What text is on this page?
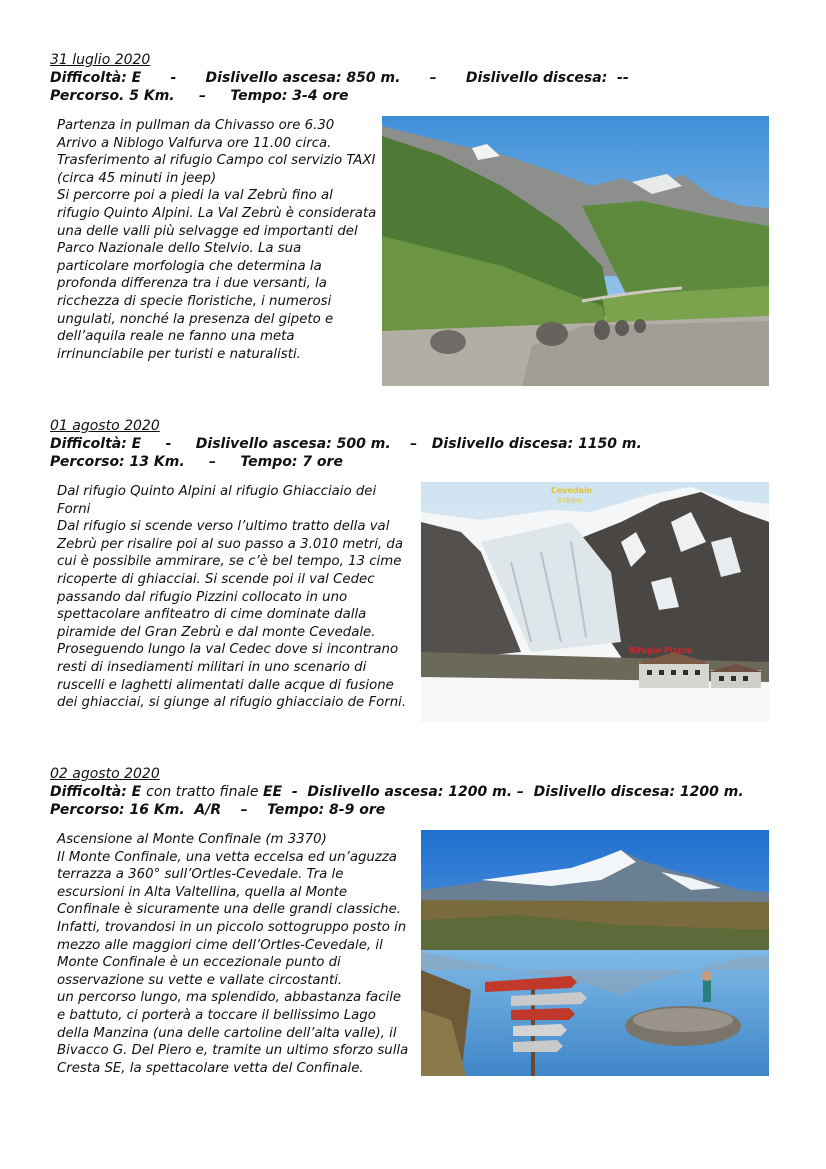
31 luglio 2020

Difficoltà: E      -      Dislivello ascesa: 850 m.      –      Dislivello discesa:  --

Percorso. 5 Km.     –     Tempo: 3-4 ore

Partenza in pullman da Chivasso ore 6.30

Arrivo a Niblogo Valfurva ore 11.00 circa.

Trasferimento al rifugio Campo col servizio TAXI (circa 45 minuti in jeep)

Si percorre poi a piedi la val Zebrù fino al rifugio Quinto Alpini. La Val Zebrù è considerata una delle valli più selvagge ed importanti del Parco Nazionale dello Stelvio. La sua particolare morfologia che determina la profonda differenza tra i due versanti, la ricchezza di specie floristiche, i numerosi ungulati, nonché la presenza del gipeto e dell’aquila reale ne fanno una meta irrinunciabile per turisti e naturalisti.

01 agosto 2020

Difficoltà: E     -     Dislivello ascesa: 500 m.    –   Dislivello discesa: 1150 m.

Percorso: 13 Km.     –     Tempo: 7 ore

Dal rifugio Quinto Alpini al rifugio Ghiacciaio dei Forni

Dal rifugio si scende verso l’ultimo tratto della val Zebrù per risalire poi al suo passo a 3.010 metri, da cui è possibile ammirare, se c’è bel tempo, 13 cime ricoperte di ghiacciai. Si scende poi il val Cedec passando dal rifugio Pizzini collocato in uno spettacolare anfiteatro di cime dominate dalla piramide del Gran Zebrù e dal monte Cevedale.

Proseguendo lungo la val Cedec dove si incontrano resti di insediamenti militari in uno scenario di ruscelli e laghetti alimentati dalle acque di fusione dei ghiacciai, si giunge al rifugio ghiacciaio de Forni.

Cevedale
3769m
Rifugio Pizzini

02 agosto 2020

Difficoltà: E con tratto finale EE  -  Dislivello ascesa: 1200 m. –  Dislivello discesa: 1200 m.

Percorso: 16 Km.  A/R    –    Tempo: 8-9 ore

Ascensione al Monte Confinale (m 3370)

Il Monte Confinale, una vetta eccelsa ed un’aguzza terrazza a 360° sull’Ortles-Cevedale. Tra le escursioni in Alta Valtellina, quella al Monte Confinale è sicuramente una delle grandi classiche. Infatti, trovandosi in un piccolo sottogruppo posto in mezzo alle maggiori cime dell’Ortles-Cevedale, il Monte Confinale è un eccezionale punto di osservazione su vette e vallate circostanti.

un percorso lungo, ma splendido, abbastanza facile e battuto, ci porterà a toccare il bellissimo Lago della Manzina (una delle cartoline dell’alta valle), il Bivacco G. Del Piero e, tramite un ultimo sforzo sulla Cresta SE, la spettacolare vetta del Confinale.
